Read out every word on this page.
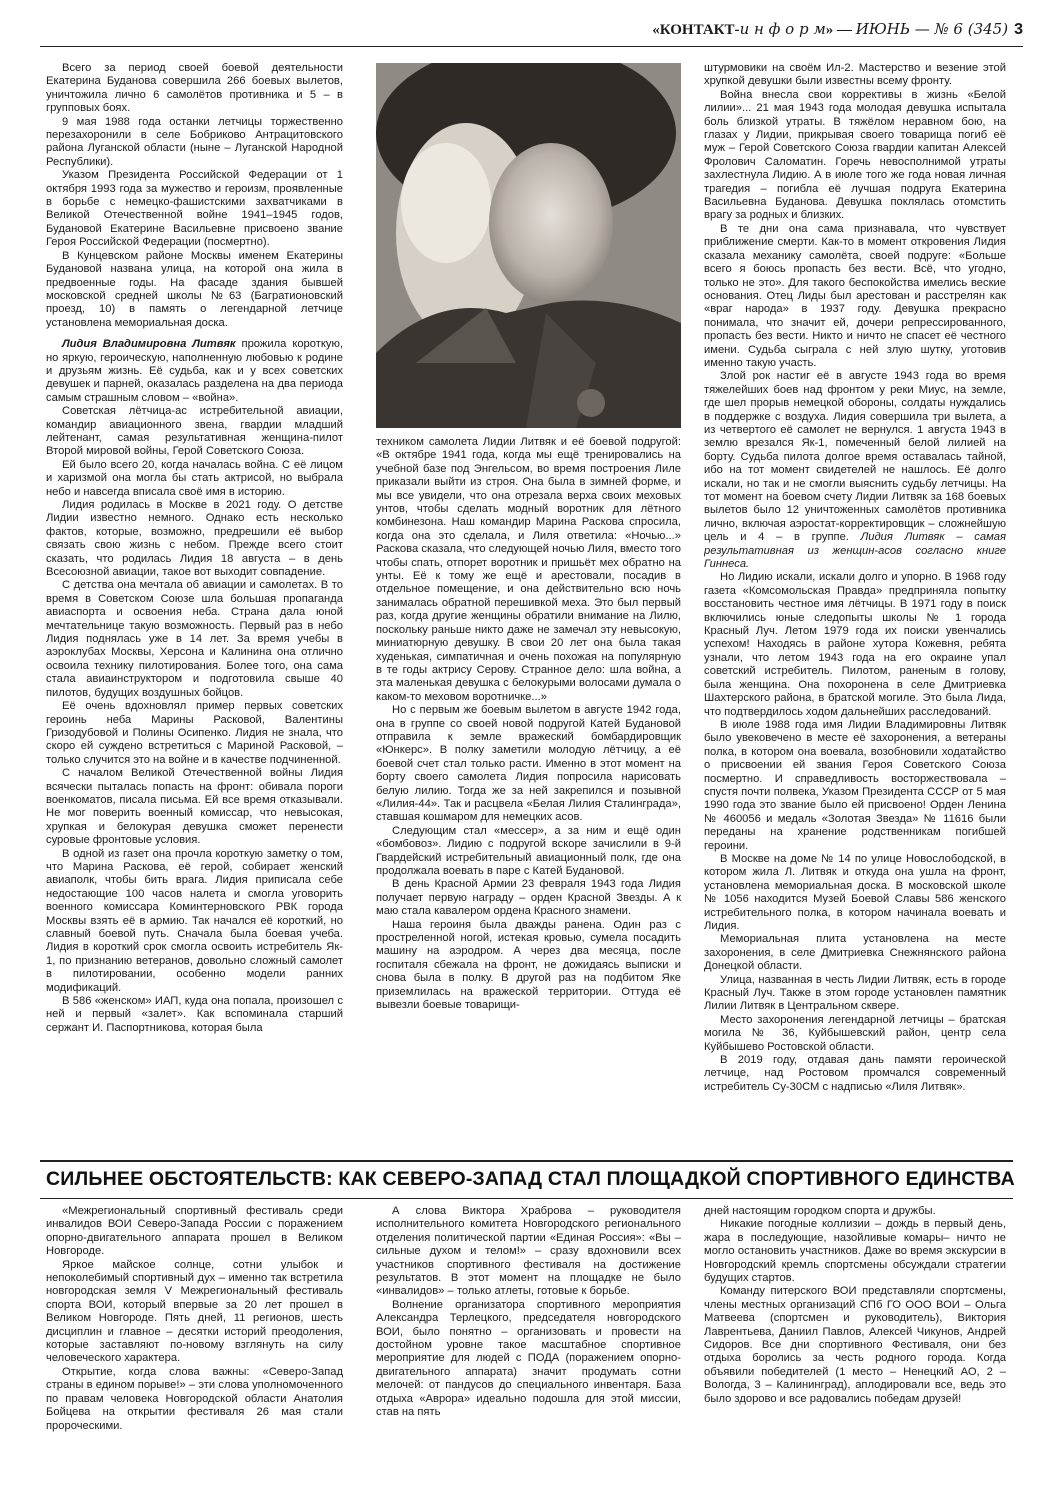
«КОНТАКТ-и н ф о р м» — ИЮНЬ — № 6 (345) 3

Всего за период своей боевой деятельности Екатерина Буданова совершила 266 боевых вылетов, уничтожила лично 6 самолётов противника и 5 – в групповых боях.

9 мая 1988 года останки летчицы торжественно перезахоронили в селе Бобриково Антрацитовского района Луганской области (ныне – Луганской Народной Республики).

Указом Президента Российской Федерации от 1 октября 1993 года за мужество и героизм, проявленные в борьбе с немецко-фашистскими захватчиками в Великой Отечественной войне 1941–1945 годов, Будановой Екатерине Васильевне присвоено звание Героя Российской Федерации (посмертно).

В Кунцевском районе Москвы именем Екатерины Будановой названа улица, на которой она жила в предвоенные годы. На фасаде здания бывшей московской средней школы №63 (Багратионовский проезд, 10) в память о легендарной летчице установлена мемориальная доска.

Лидия Владимировна Литвяк прожила короткую, но яркую, героическую, наполненную любовью к родине и друзьям жизнь. Её судьба, как и у всех советских девушек и парней, оказалась разделена на два периода самым страшным словом – «война».

Советская лётчица-ас истребительной авиации, командир авиационного звена, гвардии младший лейтенант, самая результативная женщина-пилот Второй мировой войны, Герой Советского Союза.

Ей было всего 20, когда началась война. С её лицом и харизмой она могла бы стать актрисой, но выбрала небо и навсегда вписала своё имя в историю.

Лидия родилась в Москве в 2021 году. О детстве Лидии известно немного. Однако есть несколько фактов, которые, возможно, предрешили её выбор связать свою жизнь с небом. Прежде всего стоит сказать, что родилась Лидия 18 августа – в день Всесоюзной авиации, такое вот выходит совпадение.

С детства она мечтала об авиации и самолетах. В то время в Советском Союзе шла большая пропаганда авиаспорта и освоения неба. Страна дала юной мечтательнице такую возможность. Первый раз в небо Лидия поднялась уже в 14 лет. За время учебы в аэроклубах Москвы, Херсона и Калинина она отлично освоила технику пилотирования. Более того, она сама стала авиаинструктором и подготовила свыше 40 пилотов, будущих воздушных бойцов.

Её очень вдохновлял пример первых советских героинь неба Марины Расковой, Валентины Гризодубовой и Полины Осипенко. Лидия не знала, что скоро ей суждено встретиться с Мариной Расковой, – только случится это на войне и в качестве подчиненной.

С началом Великой Отечественной войны Лидия всячески пыталась попасть на фронт: обивала пороги военкоматов, писала письма. Ей все время отказывали. Не мог поверить военный комиссар, что невысокая, хрупкая и белокурая девушка сможет перенести суровые фронтовые условия.

В одной из газет она прочла короткую заметку о том, что Марина Раскова, её герой, собирает женский авиаполк, чтобы бить врага. Лидия приписала себе недостающие 100 часов налета и смогла уговорить военного комиссара Коминтерновского РВК города Москвы взять её в армию. Так начался её короткий, но славный боевой путь. Сначала была боевая учеба. Лидия в короткий срок смогла освоить истребитель Як- 1, по признанию ветеранов, довольно сложный самолет в пилотировании, особенно модели ранних модификаций.

В 586 «женском» ИАП, куда она попала, произошел с ней и первый «залет». Как вспоминала старший сержант И. Паспортникова, которая была

техником самолета Лидии Литвяк и её боевой подругой: «В октябре 1941 года, когда мы ещё тренировались на учебной базе под Энгельсом, во время построения Лиле приказали выйти из строя. Она была в зимней форме, и мы все увидели, что она отрезала верха своих меховых унтов, чтобы сделать модный воротник для лётного комбинезона. Наш командир Марина Раскова спросила, когда она это сделала, и Лиля ответила: «Ночью...» Раскова сказала, что следующей ночью Лиля, вместо того чтобы спать, отпорет воротник и пришьёт мех обратно на унты. Её к тому же ещё и арестовали, посадив в отдельное помещение, и она действительно всю ночь занималась обратной перешивкой меха. Это был первый раз, когда другие женщины обратили внимание на Лилю, поскольку раньше никто даже не замечал эту невысокую, миниатюрную девушку. В свои 20 лет она была такая худенькая, симпатичная и очень похожая на популярную в те годы актрису Серову. Странное дело: шла война, а эта маленькая девушка с белокурыми волосами думала о каком-то меховом воротничке...»

Но с первым же боевым вылетом в августе 1942 года, она в группе со своей новой подругой Катей Будановой отправила к земле вражеский бомбардировщик «Юнкерс». В полку заметили молодую лётчицу, а её боевой счет стал только расти. Именно в этот момент на борту своего самолета Лидия попросила нарисовать белую лилию. Тогда же за ней закрепился и позывной «Лилия-44». Так и расцвела «Белая Лилия Сталинграда», ставшая кошмаром для немецких асов.

Следующим стал «мессер», а за ним и ещё один «бомбовоз». Лидию с подругой вскоре зачислили в 9-й Гвардейский истребительный авиационный полк, где она продолжала воевать в паре с Катей Будановой.

В день Красной Армии 23 февраля 1943 года Лидия получает первую награду – орден Красной Звезды. А к маю стала кавалером ордена Красного знамени.

Наша героиня была дважды ранена. Один раз с простреленной ногой, истекая кровью, сумела посадить машину на аэродром. А через два месяца, после госпиталя сбежала на фронт, не дожидаясь выписки и снова была в полку. В другой раз на подбитом Яке приземлилась на вражеской территории. Оттуда её вывезли боевые товарищи-

штурмовики на своём Ил-2. Мастерство и везение этой хрупкой девушки были известны всему фронту.

Война внесла свои коррективы в жизнь «Белой лилии»... 21 мая 1943 года молодая девушка испытала боль близкой утраты. В тяжёлом неравном бою, на глазах у Лидии, прикрывая своего товарища погиб её муж – Герой Советского Союза гвардии капитан Алексей Фролович Саломатин. Горечь невосполнимой утраты захлестнула Лидию. А в июле того же года новая личная трагедия – погибла её лучшая подруга Екатерина Васильевна Буданова. Девушка поклялась отомстить врагу за родных и близких.

В те дни она сама признавала, что чувствует приближение смерти. Как-то в момент откровения Лидия сказала механику самолёта, своей подруге: «Больше всего я боюсь пропасть без вести. Всё, что угодно, только не это». Для такого беспокойства имелись веские основания. Отец Лиды был арестован и расстрелян как «враг народа» в 1937 году. Девушка прекрасно понимала, что значит ей, дочери репрессированного, пропасть без вести. Никто и ничто не спасет её честного имени. Судьба сыграла с ней злую шутку, уготовив именно такую участь.

Злой рок настиг её в августе 1943 года во время тяжелейших боев над фронтом у реки Миус, на земле, где шел прорыв немецкой обороны, солдаты нуждались в поддержке с воздуха. Лидия совершила три вылета, а из четвертого её самолет не вернулся. 1 августа 1943 в землю врезался Як-1, помеченный белой лилией на борту. Судьба пилота долгое время оставалась тайной, ибо на тот момент свидетелей не нашлось. Её долго искали, но так и не смогли выяснить судьбу летчицы. На тот момент на боевом счету Лидии Литвяк за 168 боевых вылетов было 12 уничтоженных самолётов противника лично, включая аэростат-корректировщик – сложнейшую цель и 4 – в группе. Лидия Литвяк – самая результативная из женщин-асов согласно книге Гиннеса.

Но Лидию искали, искали долго и упорно. В 1968 году газета «Комсомольская Правда» предприняла попытку восстановить честное имя лётчицы. В 1971 году в поиск включились юные следопыты школы № 1 города Красный Луч. Летом 1979 года их поиски увенчались успехом! Находясь в районе хутора Кожевня, ребята узнали, что летом 1943 года на его окраине упал советский истребитель. Пилотом, раненым в голову, была женщина. Она похоронена в селе Дмитриевка Шахтерского района, в братской могиле. Это была Лида, что подтвердилось ходом дальнейших расследований.

В июле 1988 года имя Лидии Владимировны Литвяк было увековечено в месте её захоронения, а ветераны полка, в котором она воевала, возобновили ходатайство о присвоении ей звания Героя Советского Союза посмертно. И справедливость восторжествовала – спустя почти полвека, Указом Президента СССР от 5 мая 1990 года это звание было ей присвоено! Орден Ленина № 460056 и медаль «Золотая Звезда» № 11616 были переданы на хранение родственникам погибшей героини.

В Москве на доме № 14 по улице Новослободской, в котором жила Л. Литвяк и откуда она ушла на фронт, установлена мемориальная доска. В московской школе № 1056 находится Музей Боевой Славы 586 женского истребительного полка, в котором начинала воевать и Лидия.

Мемориальная плита установлена на месте захоронения, в селе Дмитриевка Снежнянского района Донецкой области.

Улица, названная в честь Лидии Литвяк, есть в городе Красный Луч. Также в этом городе установлен памятник Лилии Литвяк в Центральном сквере.

Место захоронения легендарной летчицы – братская могила № 36, Куйбышевский район, центр села Куйбышево Ростовской области.

В 2019 году, отдавая дань памяти героической летчице, над Ростовом промчался современный истребитель Су-30СМ с надписью «Лиля Литвяк».

СИЛЬНЕЕ ОБСТОЯТЕЛЬСТВ: КАК СЕВЕРО-ЗАПАД СТАЛ ПЛОЩАДКОЙ СПОРТИВНОГО ЕДИНСТВА

«Межрегиональный спортивный фестиваль среди инвалидов ВОИ Северо-Запада России с поражением опорно-двигательного аппарата прошел в Великом Новгороде.

Яркое майское солнце, сотни улыбок и непоколебимый спортивный дух – именно так встретила новгородская земля V Межрегиональный фестиваль спорта ВОИ, который впервые за 20 лет прошел в Великом Новгороде. Пять дней, 11 регионов, шесть дисциплин и главное – десятки историй преодоления, которые заставляют по-новому взглянуть на силу человеческого характера.

Открытие, когда слова важны: «Северо-Запад страны в едином порыве!» – эти слова уполномоченного по правам человека Новгородской области Анатолия Бойцева на открытии фестиваля 26 мая стали пророческими.

А слова Виктора Храброва – руководителя исполнительного комитета Новгородского регионального отделения политической партии «Единая Россия»: «Вы – сильные духом и телом!» – сразу вдохновили всех участников спортивного фестиваля на достижение результатов. В этот момент на площадке не было «инвалидов» – только атлеты, готовые к борьбе.

Волнение организатора спортивного мероприятия Александра Терлецкого, председателя новгородского ВОИ, было понятно – организовать и провести на достойном уровне такое масштабное спортивное мероприятие для людей с ПОДА (поражением опорно-двигательного аппарата) значит продумать сотни мелочей: от пандусов до специального инвентаря. База отдыха «Аврора» идеально подошла для этой миссии, став на пять

дней настоящим городком спорта и дружбы.

Никакие погодные коллизии – дождь в первый день, жара в последующие, назойливые комары– ничто не могло остановить участников. Даже во время экскурсии в Новгородский кремль спортсмены обсуждали стратегии будущих стартов.

Команду питерского ВОИ представляли спортсмены, члены местных организаций СПб ГО ООО ВОИ – Ольга Матвеева (спортсмен и руководитель), Виктория Лаврентьева, Даниил Павлов, Алексей Чикунов, Андрей Сидоров. Все дни спортивного Фестиваля, они без отдыха боролись за честь родного города. Когда объявили победителей (1 место – Ненецкий АО, 2 – Вологда, 3 – Калининград), аплодировали все, ведь это было здорово и все радовались победам друзей!
